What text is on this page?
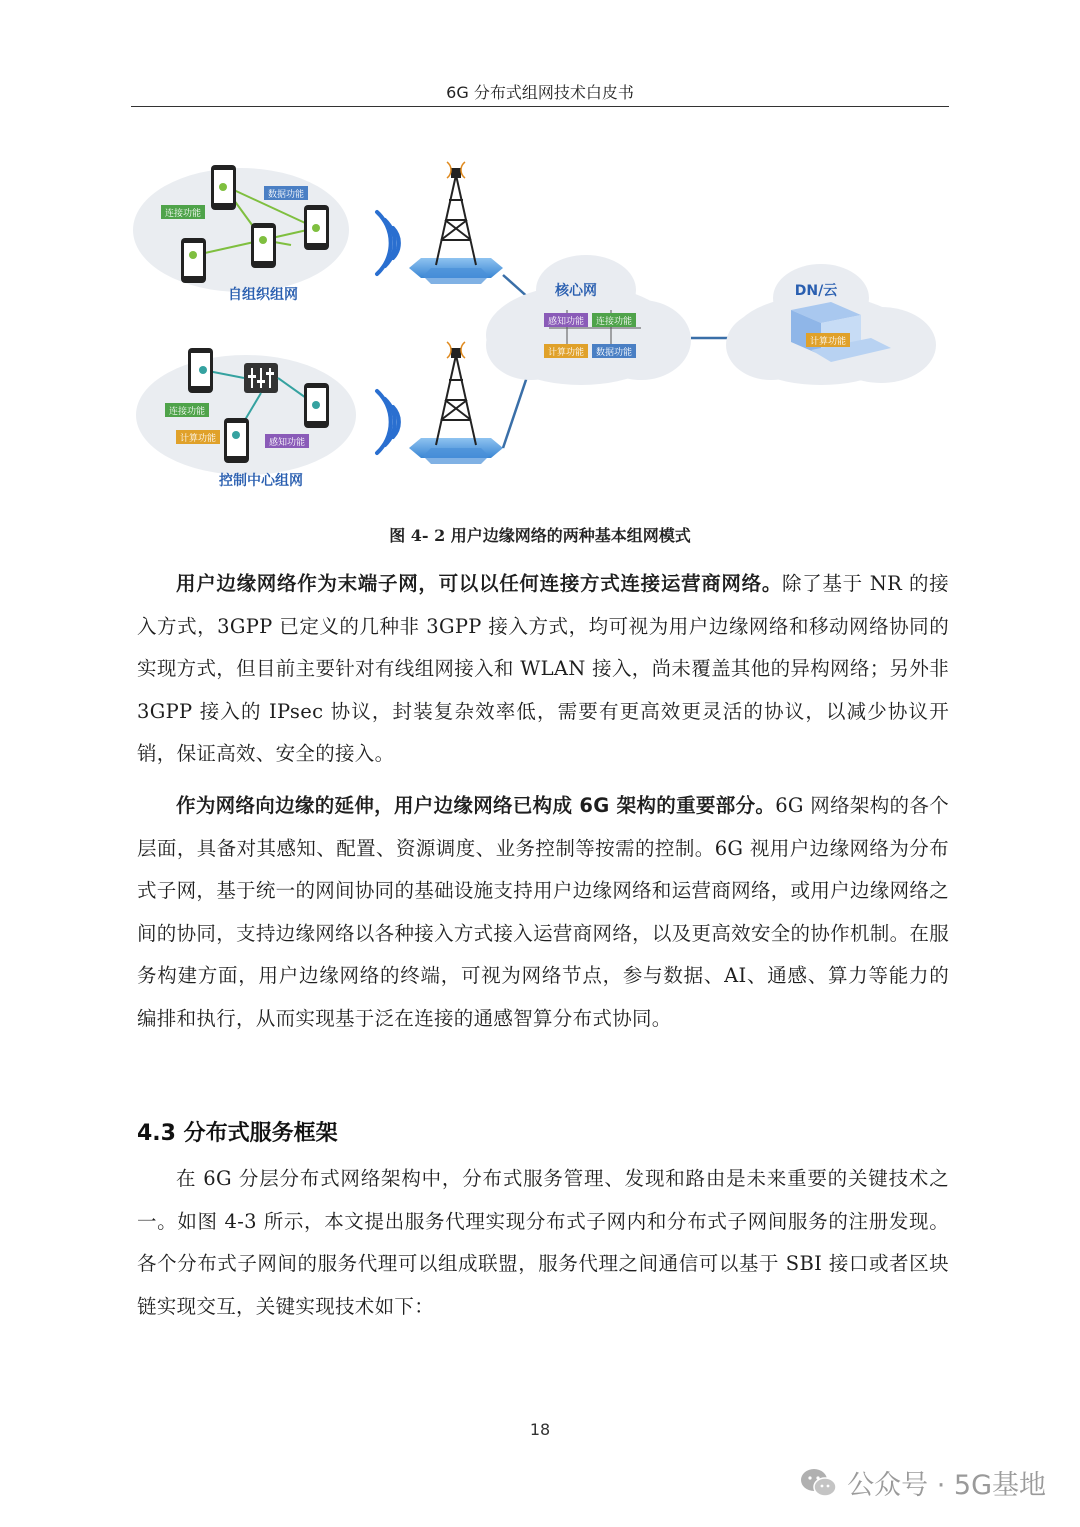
6G 分布式组网技术白皮书
连接功能
数据功能
自组织组网
连接功能
计算功能	感知功能
控制中心组网
核心网
感知功能 连接功能
计算功能 数据功能
DN/云
计算功能
图 4- 2 用户边缘网络的两种基本组网模式
用户边缘网络作为末端子网，可以以任何连接方式连接运营商网络。除了基于 NR 的接入方式，3GPP 已定义的几种非 3GPP 接入方式，均可视为用户边缘网络和移动网络协同的实现方式，但目前主要针对有线组网接入和 WLAN 接入，尚未覆盖其他的异构网络；另外非 3GPP 接入的 IPsec 协议，封装复杂效率低，需要有更高效更灵活的协议，以减少协议开销，保证高效、安全的接入。
作为网络向边缘的延伸，用户边缘网络已构成 6G 架构的重要部分。6G 网络架构的各个层面，具备对其感知、配置、资源调度、业务控制等按需的控制。6G 视用户边缘网络为分布式子网，基于统一的网间协同的基础设施支持用户边缘网络和运营商网络，或用户边缘网络之间的协同，支持边缘网络以各种接入方式接入运营商网络，以及更高效安全的协作机制。在服务构建方面，用户边缘网络的终端，可视为网络节点，参与数据、AI、通感、算力等能力的编排和执行，从而实现基于泛在连接的通感智算分布式协同。
4.3 分布式服务框架
在 6G 分层分布式网络架构中，分布式服务管理、发现和路由是未来重要的关键技术之一。如图 4-3 所示，本文提出服务代理实现分布式子网内和分布式子网间服务的注册发现。各个分布式子网间的服务代理可以组成联盟，服务代理之间通信可以基于 SBI 接口或者区块链实现交互，关键实现技术如下：
18
公众号 · 5G基地
